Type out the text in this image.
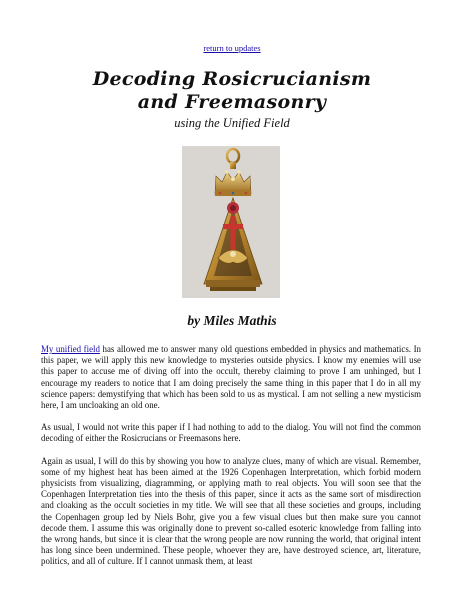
return to updates
Decoding Rosicrucianism
and Freemasonry
using the Unified Field
by Miles Mathis

My unified field has allowed me to answer many old questions embedded in physics and mathematics. In this paper, we will apply this new knowledge to mysteries outside physics. I know my enemies will use this paper to accuse me of diving off into the occult, thereby claiming to prove I am unhinged, but I encourage my readers to notice that I am doing precisely the same thing in this paper that I do in all my science papers: demystifying that which has been sold to us as mystical. I am not selling a new mysticism here, I am uncloaking an old one.

As usual, I would not write this paper if I had nothing to add to the dialog. You will not find the common decoding of either the Rosicrucians or Freemasons here.

Again as usual, I will do this by showing you how to analyze clues, many of which are visual. Remember, some of my highest heat has been aimed at the 1926 Copenhagen Interpretation, which forbid modern physicists from visualizing, diagramming, or applying math to real objects. You will soon see that the Copenhagen Interpretation ties into the thesis of this paper, since it acts as the same sort of misdirection and cloaking as the occult societies in my title. We will see that all these societies and groups, including the Copenhagen group led by Niels Bohr, give you a few visual clues but then make sure you cannot decode them. I assume this was originally done to prevent so-called esoteric knowledge from falling into the wrong hands, but since it is clear that the wrong people are now running the world, that original intent has long since been undermined. These people, whoever they are, have destroyed science, art, literature, politics, and all of culture. If I cannot unmask them, at least
